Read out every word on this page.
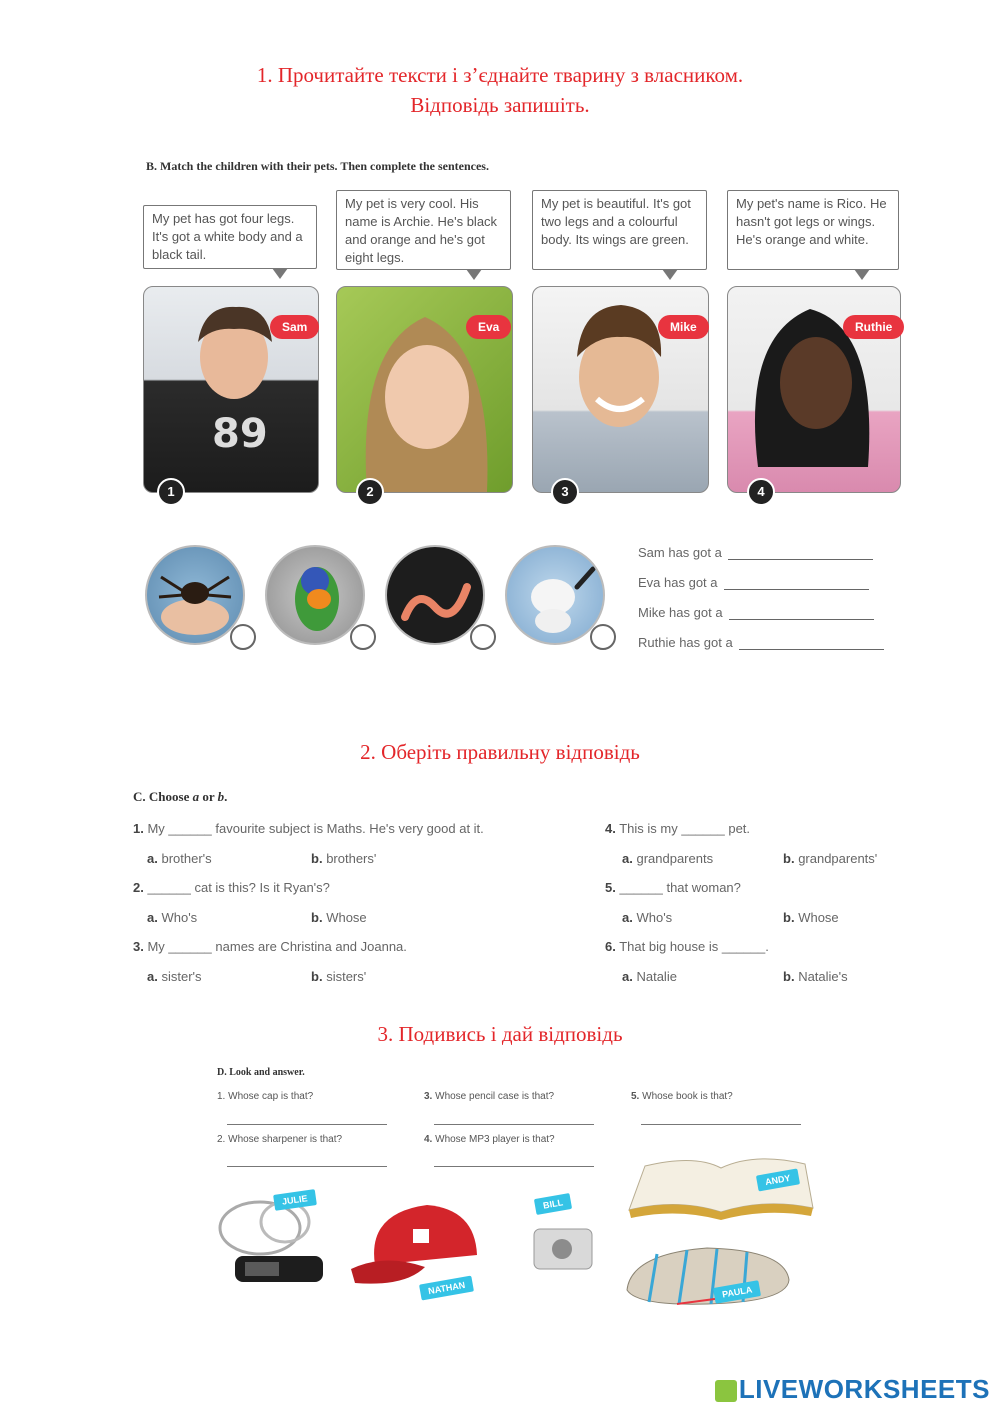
1. Прочитайте тексти і з’єднайте тварину з власником.
Відповідь запишіть.
B. Match the children with their pets. Then complete the sentences.
My pet has got four legs. It's got a white body and a black tail.
My pet is very cool. His name is Archie. He's black and orange and he's got eight legs.
My pet is beautiful. It's got two legs and a colourful body. Its wings are green.
My pet's name is Rico. He hasn't got legs or wings. He's orange and white.
89
Sam	Eva	Mike	Ruthie
1	2	3	4
Sam has got a
Eva has got a
Mike has got a
Ruthie has got a
2. Оберіть правильну відповідь
C. Choose a or b.
1. My ______ favourite subject is Maths. He's very good at it.
a. brother's	b. brothers'
2. ______ cat is this? Is it Ryan's?
a. Who's	b. Whose
3. My ______ names are Christina and Joanna.
a. sister's	b. sisters'
4. This is my ______ pet.
a. grandparents	b. grandparents'
5. ______ that woman?
a. Who's	b. Whose
6. That big house is ______.
a. Natalie	b. Natalie's
3. Подивись і дай відповідь
D. Look and answer.
1. Whose cap is that?
2. Whose sharpener is that?
3. Whose pencil case is that?
4. Whose MP3 player is that?
5. Whose book is that?
JULIE
NATHAN
BILL
ANDY
PAULA
LIVEWORKSHEETS
